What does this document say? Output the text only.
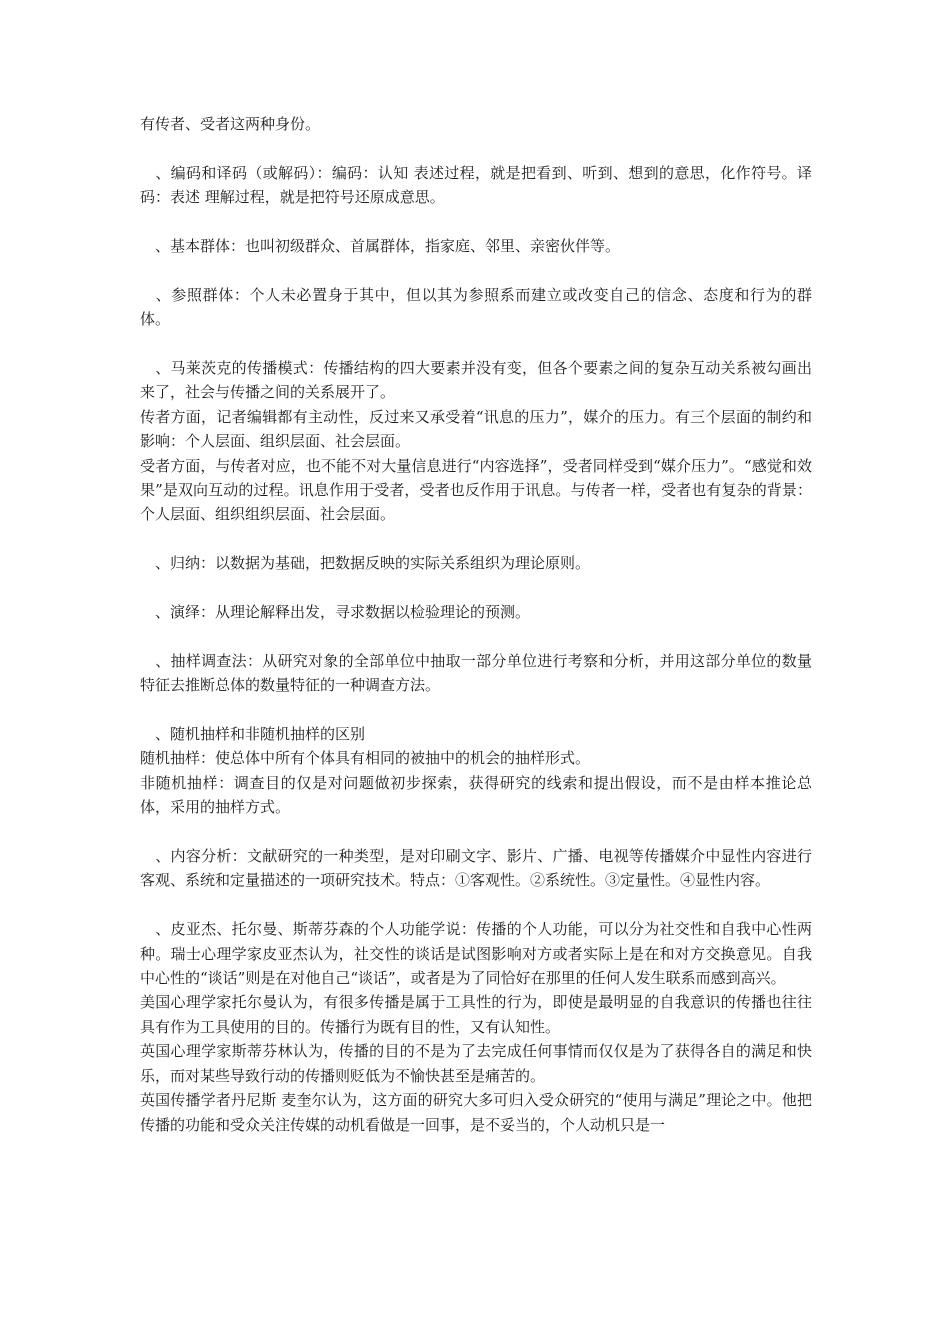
有传者、受者这两种身份。

　、编码和译码（或解码）：编码：认知 表述过程，就是把看到、听到、想到的意思，化作符号。译码：表述 理解过程，就是把符号还原成意思。

　、基本群体：也叫初级群众、首属群体，指家庭、邻里、亲密伙伴等。

　、参照群体：个人未必置身于其中，但以其为参照系而建立或改变自己的信念、态度和行为的群体。

　、马莱茨克的传播模式：传播结构的四大要素并没有变，但各个要素之间的复杂互动关系被勾画出来了，社会与传播之间的关系展开了。

传者方面，记者编辑都有主动性，反过来又承受着“讯息的压力”，媒介的压力。有三个层面的制约和影响：个人层面、组织层面、社会层面。

受者方面，与传者对应，也不能不对大量信息进行“内容选择”，受者同样受到“媒介压力”。“感觉和效果”是双向互动的过程。讯息作用于受者，受者也反作用于讯息。与传者一样，受者也有复杂的背景：个人层面、组织组织层面、社会层面。

　、归纳：以数据为基础，把数据反映的实际关系组织为理论原则。

　、演绎：从理论解释出发，寻求数据以检验理论的预测。

　、抽样调查法：从研究对象的全部单位中抽取一部分单位进行考察和分析，并用这部分单位的数量特征去推断总体的数量特征的一种调查方法。

　、随机抽样和非随机抽样的区别

随机抽样：使总体中所有个体具有相同的被抽中的机会的抽样形式。

非随机抽样：调查目的仅是对问题做初步探索，获得研究的线索和提出假设，而不是由样本推论总体，采用的抽样方式。

　、内容分析：文献研究的一种类型，是对印刷文字、影片、广播、电视等传播媒介中显性内容进行客观、系统和定量描述的一项研究技术。特点：①客观性。②系统性。③定量性。④显性内容。

　、皮亚杰、托尔曼、斯蒂芬森的个人功能学说：传播的个人功能，可以分为社交性和自我中心性两种。瑞士心理学家皮亚杰认为，社交性的谈话是试图影响对方或者实际上是在和对方交换意见。自我中心性的“谈话”则是在对他自己“谈话”，或者是为了同恰好在那里的任何人发生联系而感到高兴。

美国心理学家托尔曼认为，有很多传播是属于工具性的行为，即使是最明显的自我意识的传播也往往具有作为工具使用的目的。传播行为既有目的性，又有认知性。

英国心理学家斯蒂芬林认为，传播的目的不是为了去完成任何事情而仅仅是为了获得各自的满足和快乐，而对某些导致行动的传播则贬低为不愉快甚至是痛苦的。

英国传播学者丹尼斯 麦奎尔认为，这方面的研究大多可归入受众研究的“使用与满足”理论之中。他把传播的功能和受众关注传媒的动机看做是一回事，是不妥当的，个人动机只是一
